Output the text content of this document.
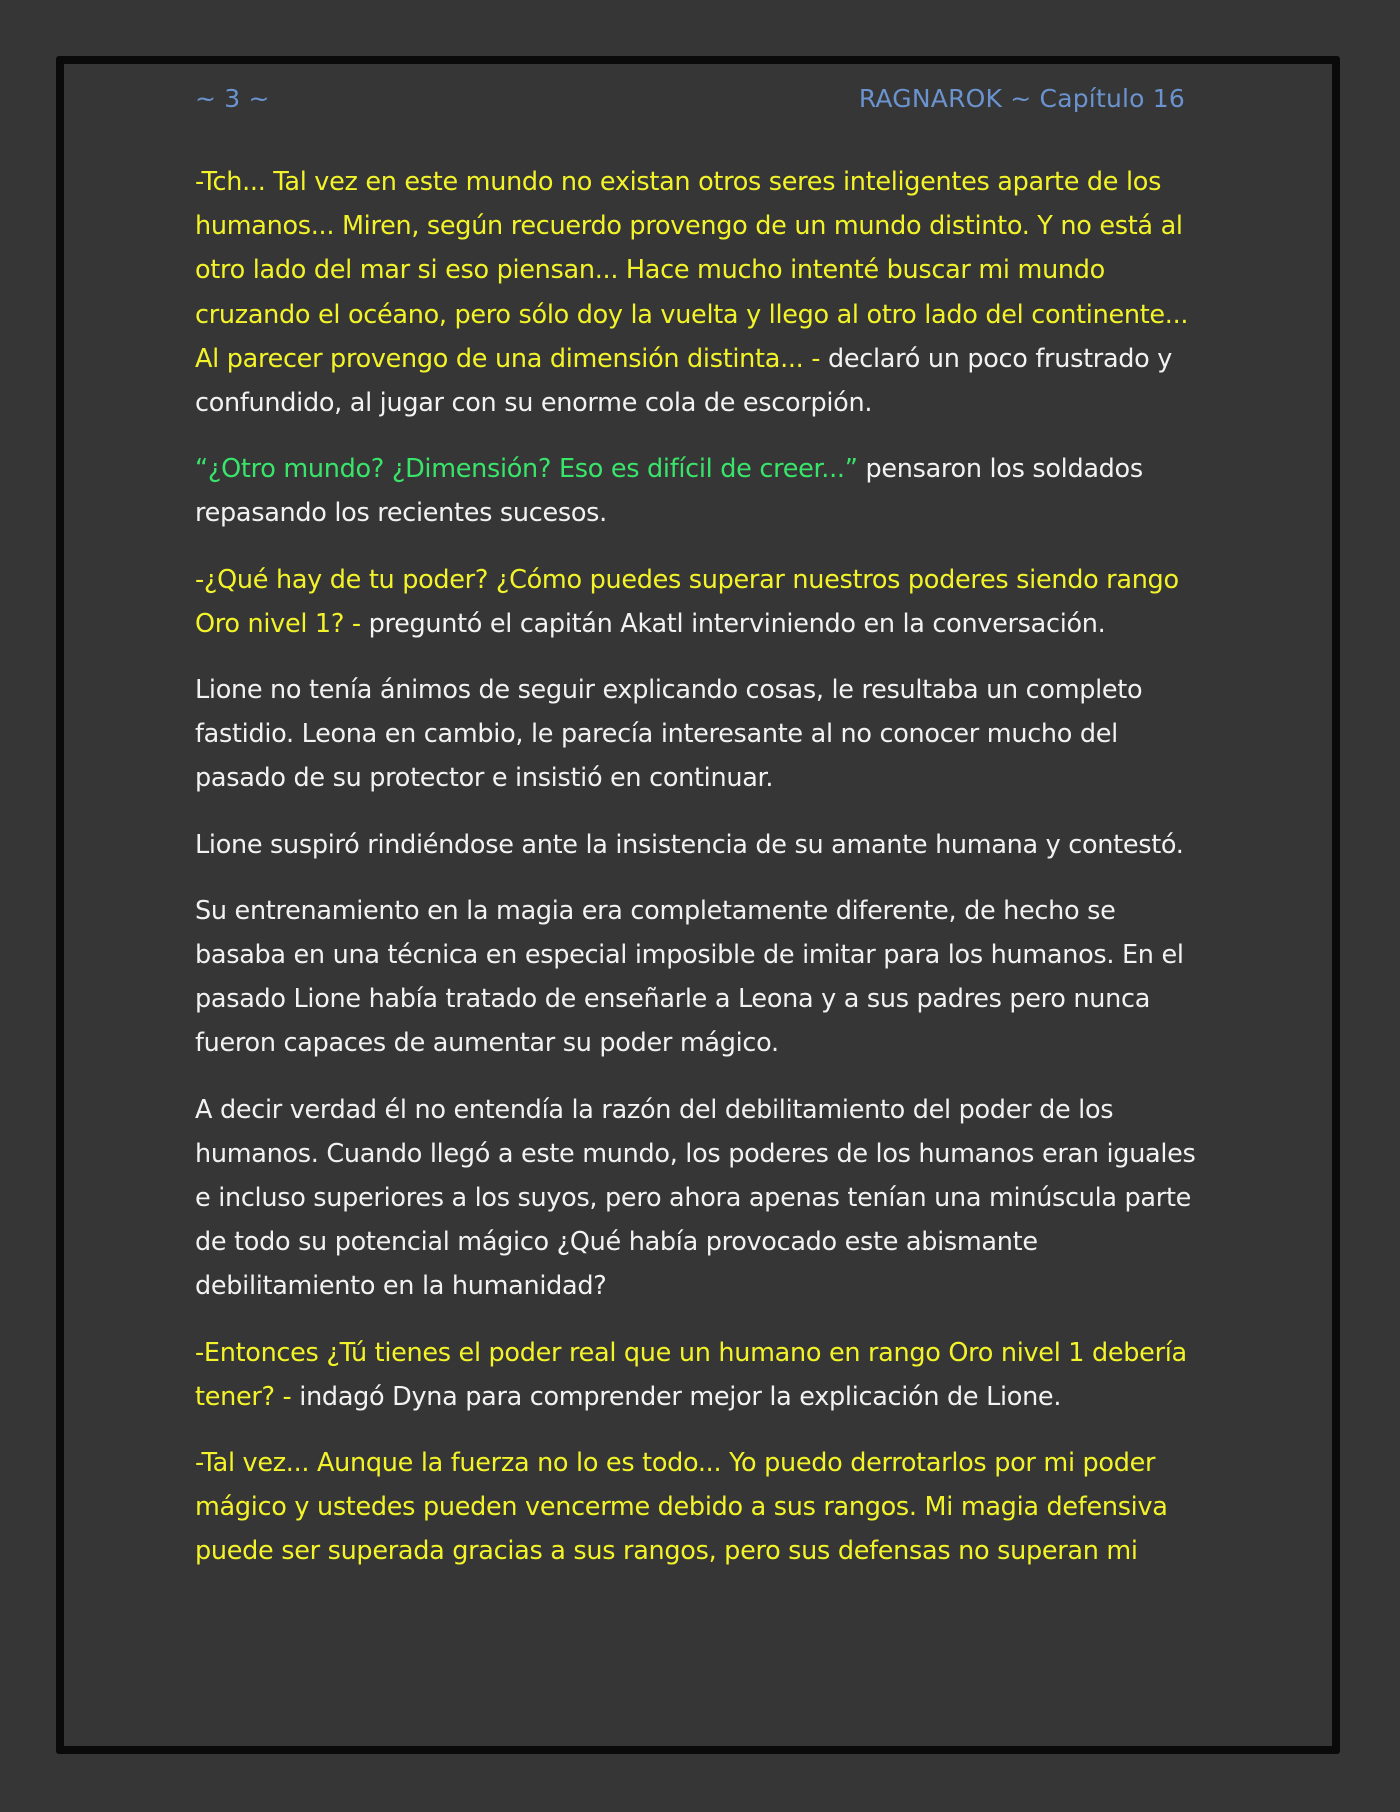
~ 3 ~	RAGNAROK ~ Capítulo 16

-Tch... Tal vez en este mundo no existan otros seres inteligentes aparte de los humanos... Miren, según recuerdo provengo de un mundo distinto. Y no está al otro lado del mar si eso piensan... Hace mucho intenté buscar mi mundo cruzando el océano, pero sólo doy la vuelta y llego al otro lado del continente... Al parecer provengo de una dimensión distinta... - declaró un poco frustrado y confundido, al jugar con su enorme cola de escorpión.

“¿Otro mundo? ¿Dimensión? Eso es difícil de creer...” pensaron los soldados repasando los recientes sucesos.

-¿Qué hay de tu poder? ¿Cómo puedes superar nuestros poderes siendo rango Oro nivel 1? - preguntó el capitán Akatl interviniendo en la conversación.

Lione no tenía ánimos de seguir explicando cosas, le resultaba un completo fastidio. Leona en cambio, le parecía interesante al no conocer mucho del pasado de su protector e insistió en continuar.

Lione suspiró rindiéndose ante la insistencia de su amante humana y contestó.

Su entrenamiento en la magia era completamente diferente, de hecho se basaba en una técnica en especial imposible de imitar para los humanos. En el pasado Lione había tratado de enseñarle a Leona y a sus padres pero nunca fueron capaces de aumentar su poder mágico.

A decir verdad él no entendía la razón del debilitamiento del poder de los humanos. Cuando llegó a este mundo, los poderes de los humanos eran iguales e incluso superiores a los suyos, pero ahora apenas tenían una minúscula parte de todo su potencial mágico ¿Qué había provocado este abismante debilitamiento en la humanidad?

-Entonces ¿Tú tienes el poder real que un humano en rango Oro nivel 1 debería tener? - indagó Dyna para comprender mejor la explicación de Lione.

-Tal vez... Aunque la fuerza no lo es todo... Yo puedo derrotarlos por mi poder mágico y ustedes pueden vencerme debido a sus rangos. Mi magia defensiva puede ser superada gracias a sus rangos, pero sus defensas no superan mi
